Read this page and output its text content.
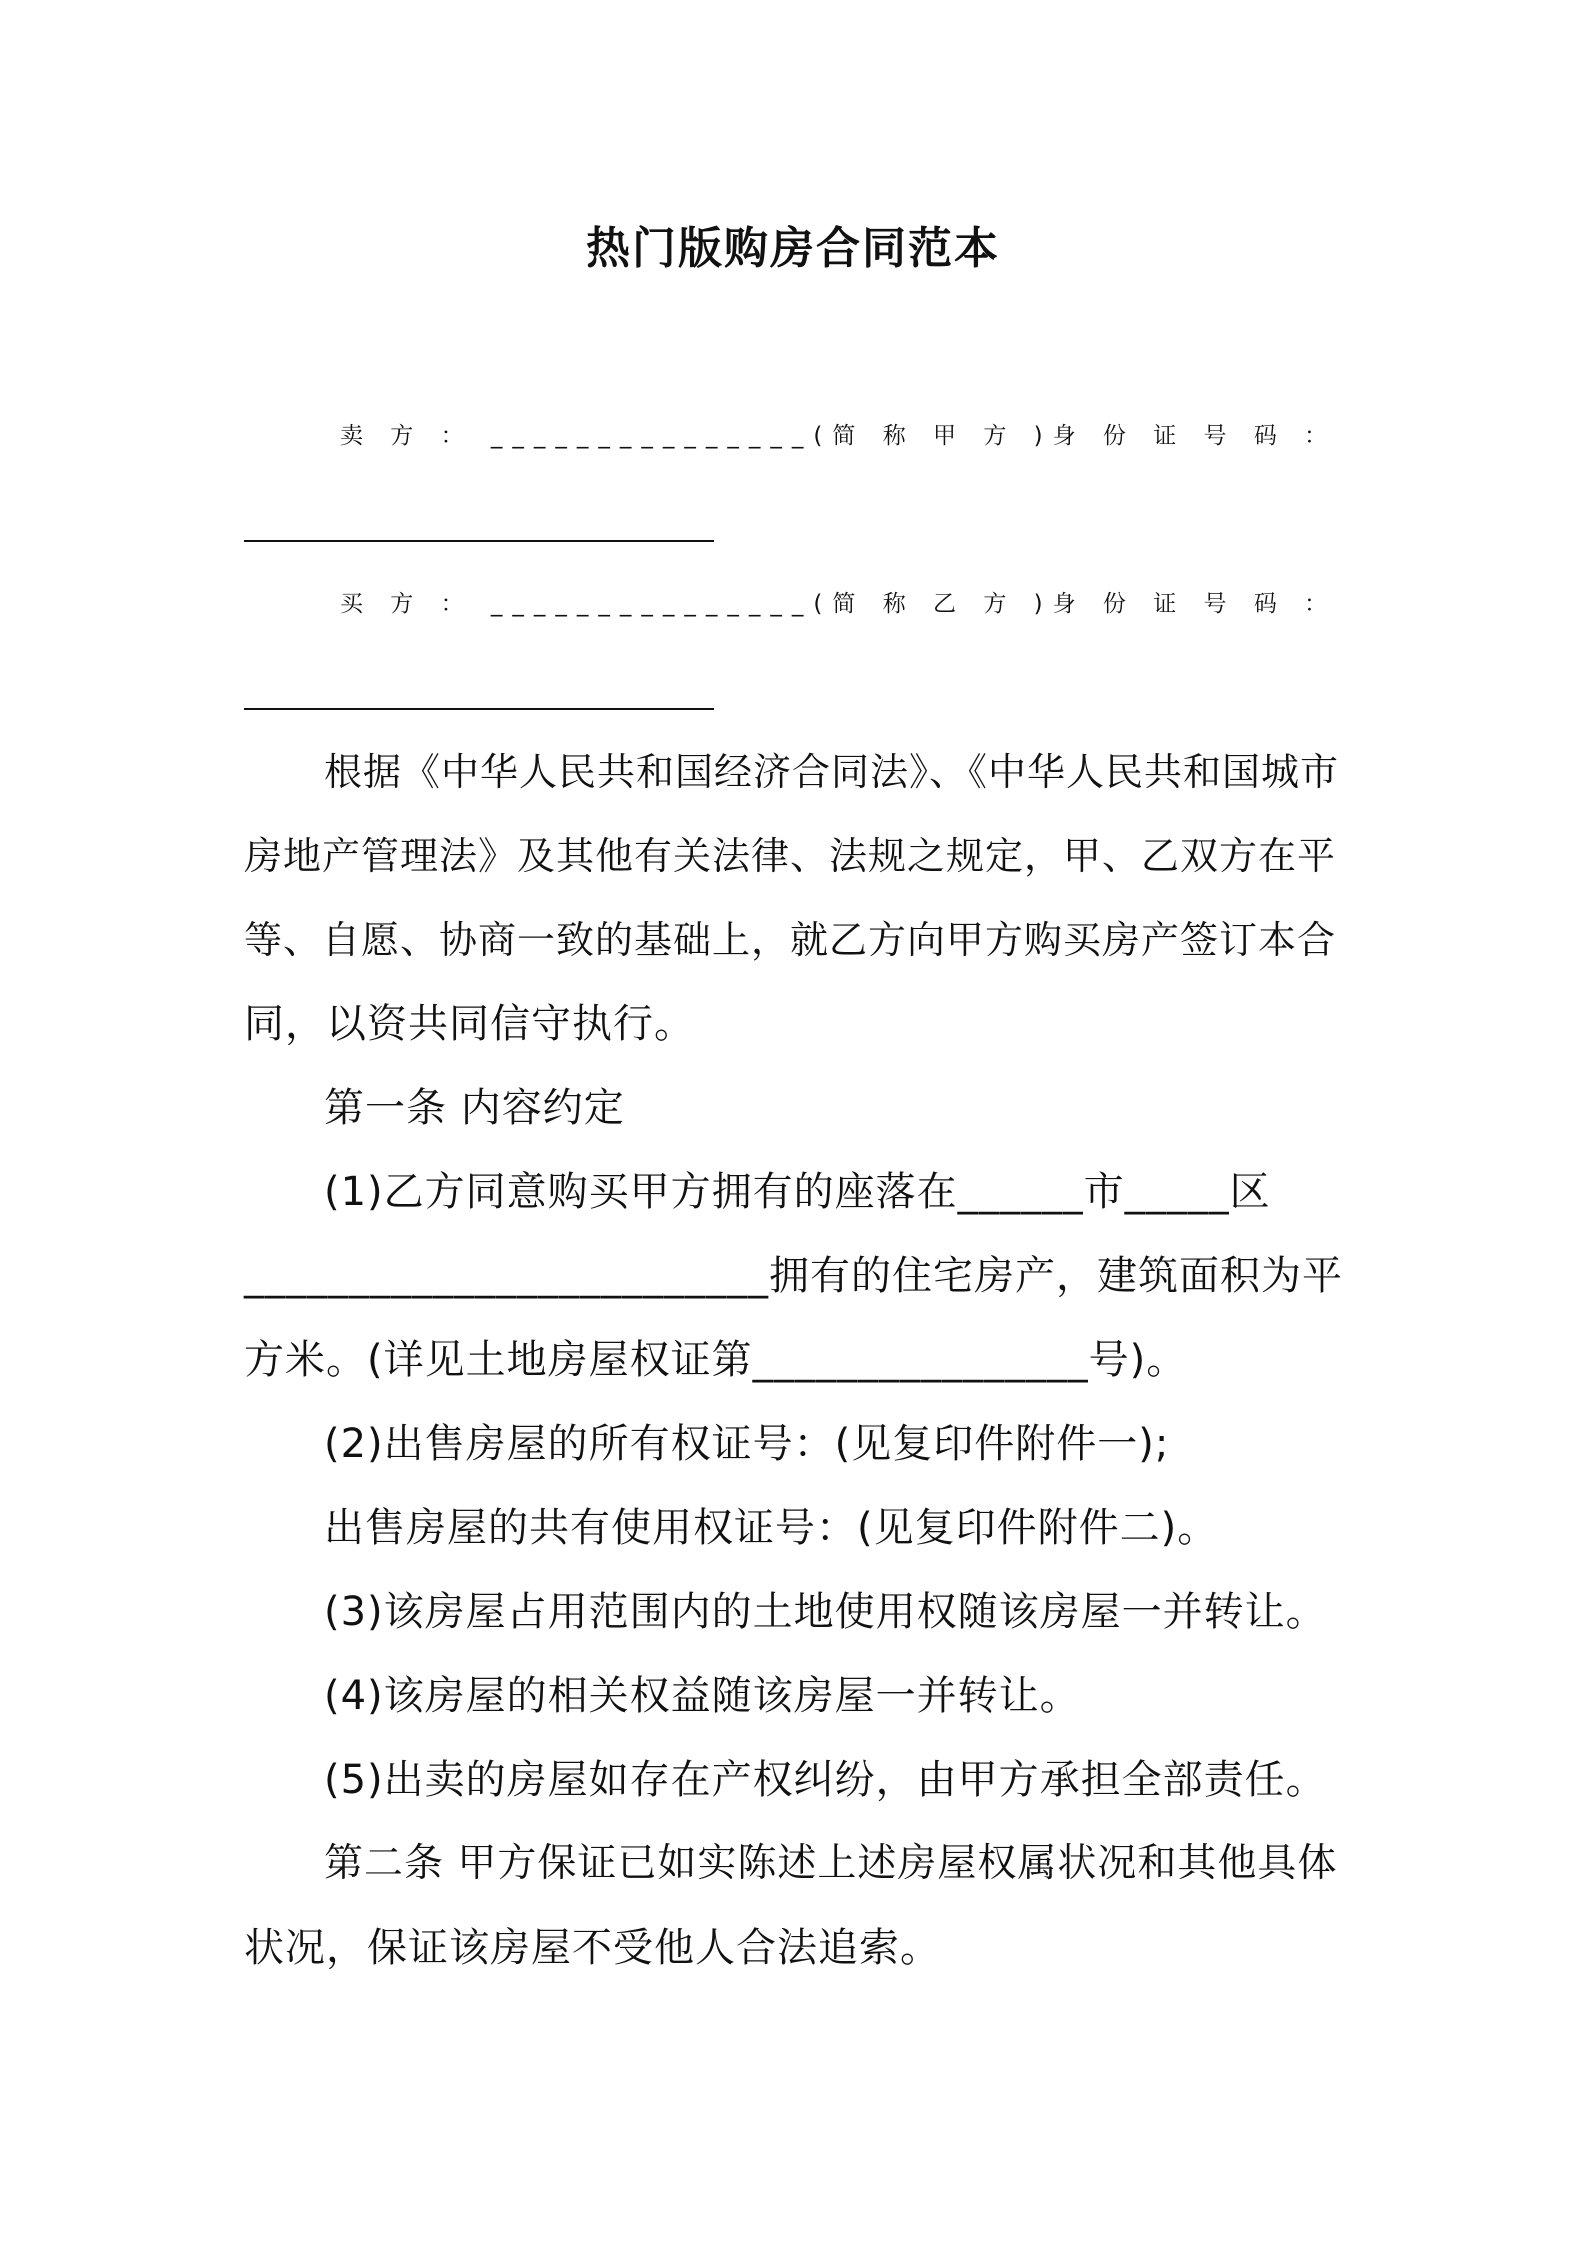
热门版购房合同范本
卖 方 ： _______________(简 称 甲 方 )身 份 证 号 码 ：
买 方 ： _______________(简 称 乙 方 )身 份 证 号 码 ：
根据《中华人民共和国经济合同法》、《中华人民共和国城市
房地产管理法》及其他有关法律、法规之规定，甲、乙双方在平
等、自愿、协商一致的基础上，就乙方向甲方购买房产签订本合
同，以资共同信守执行。
第一条 内容约定
(1)乙方同意购买甲方拥有的座落在______市_____区
_________________________拥有的住宅房产，建筑面积为平
方米。(详见土地房屋权证第________________号)。
(2)出售房屋的所有权证号：(见复印件附件一);
出售房屋的共有使用权证号：(见复印件附件二)。
(3)该房屋占用范围内的土地使用权随该房屋一并转让。
(4)该房屋的相关权益随该房屋一并转让。
(5)出卖的房屋如存在产权纠纷，由甲方承担全部责任。
第二条 甲方保证已如实陈述上述房屋权属状况和其他具体
状况，保证该房屋不受他人合法追索。
